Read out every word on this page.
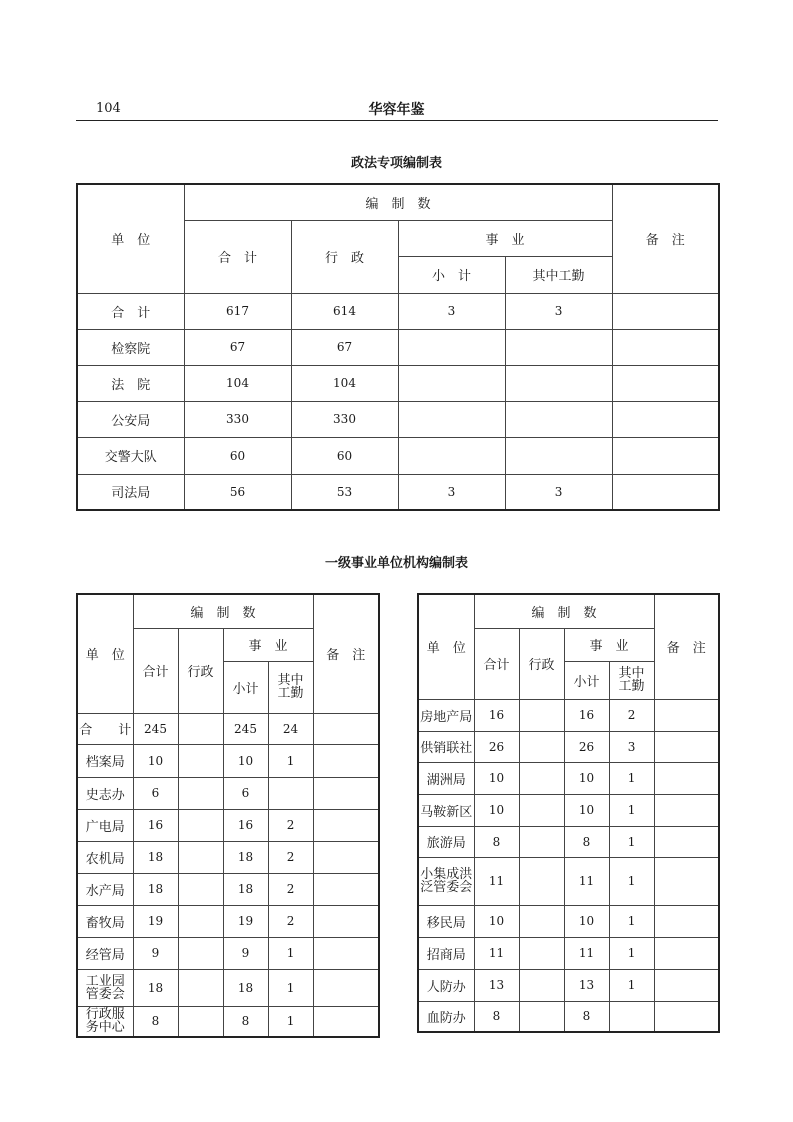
104	华容年鉴
政法专项编制表
单　位	编　制　数				备　注
	合　计	行　政	事　业		
			小　计	其中工勤	
合　计	617	614	3	3	
检察院	67	67			
法　院	104	104			
公安局	330	330			
交警大队	60	60			
司法局	56	53	3	3	
一级事业单位机构编制表
单　位	编　制　数				备　注
	合计	行政	事　业		
			小计	其中
工勤	

合　　计	245		245	24	
档案局	10		10	1	
史志办	6		6		
广电局	16		16	2	
农机局	18		18	2	
水产局	18		18	2	
畜牧局	19		19	2	
经管局	9		9	1	

工业园
管委会	18		18	1	

行政服
务中心	8		8	1	
单　位	编　制　数				备　注
	合计	行政	事　业		
			小计	其中
工勤	

房地产局	16		16	2	
供销联社	26		26	3	
湖洲局	10		10	1	
马鞍新区	10		10	1	
旅游局	8		8	1	

小集成洪
泛管委会	11		11	1	
移民局	10		10	1	
招商局	11		11	1	
人防办	13		13	1	
血防办	8		8		
